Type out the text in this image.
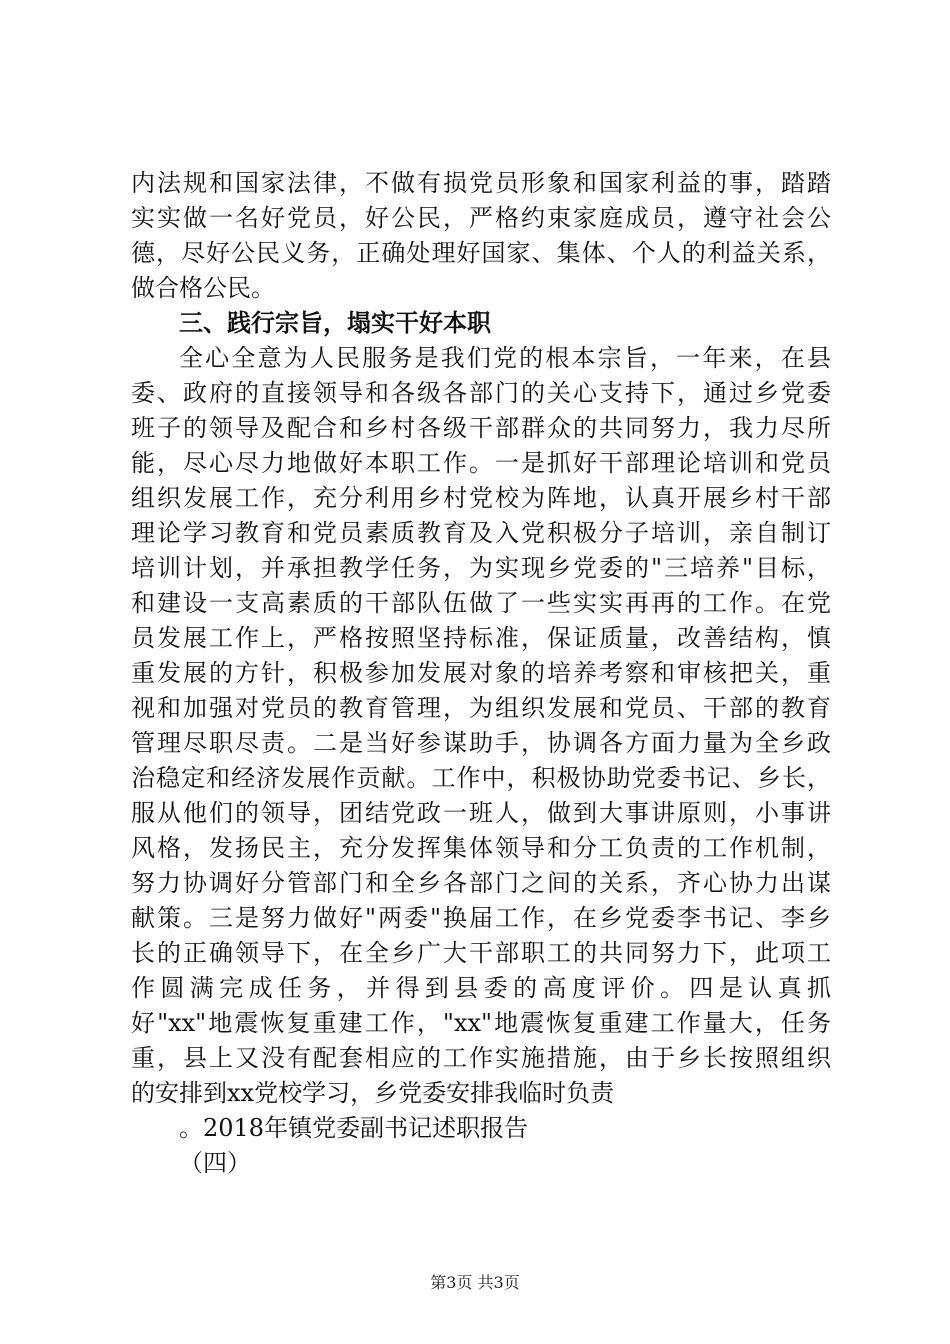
内法规和国家法律，不做有损党员形象和国家利益的事，踏踏
实实做一名好党员，好公民，严格约束家庭成员，遵守社会公
德，尽好公民义务，正确处理好国家、集体、个人的利益关系，
做合格公民。
三、践行宗旨，塌实干好本职
全心全意为人民服务是我们党的根本宗旨，一年来，在县
委、政府的直接领导和各级各部门的关心支持下，通过乡党委
班子的领导及配合和乡村各级干部群众的共同努力，我力尽所
能，尽心尽力地做好本职工作。一是抓好干部理论培训和党员
组织发展工作，充分利用乡村党校为阵地，认真开展乡村干部
理论学习教育和党员素质教育及入党积极分子培训，亲自制订
培训计划，并承担教学任务，为实现乡党委的"三培养"目标，
和建设一支高素质的干部队伍做了一些实实再再的工作。在党
员发展工作上，严格按照坚持标准，保证质量，改善结构，慎
重发展的方针，积极参加发展对象的培养考察和审核把关，重
视和加强对党员的教育管理，为组织发展和党员、干部的教育
管理尽职尽责。二是当好参谋助手，协调各方面力量为全乡政
治稳定和经济发展作贡献。工作中，积极协助党委书记、乡长，
服从他们的领导，团结党政一班人，做到大事讲原则，小事讲
风格，发扬民主，充分发挥集体领导和分工负责的工作机制，
努力协调好分管部门和全乡各部门之间的关系，齐心协力出谋
献策。三是努力做好"两委"换届工作，在乡党委李书记、李乡
长的正确领导下，在全乡广大干部职工的共同努力下，此项工
作圆满完成任务，并得到县委的高度评价。四是认真抓
好"xx"地震恢复重建工作，"xx"地震恢复重建工作量大，任务
重，县上又没有配套相应的工作实施措施，由于乡长按照组织
的安排到xx党校学习，乡党委安排我临时负责
。2018年镇党委副书记述职报告
（四）
第3页 共3页
